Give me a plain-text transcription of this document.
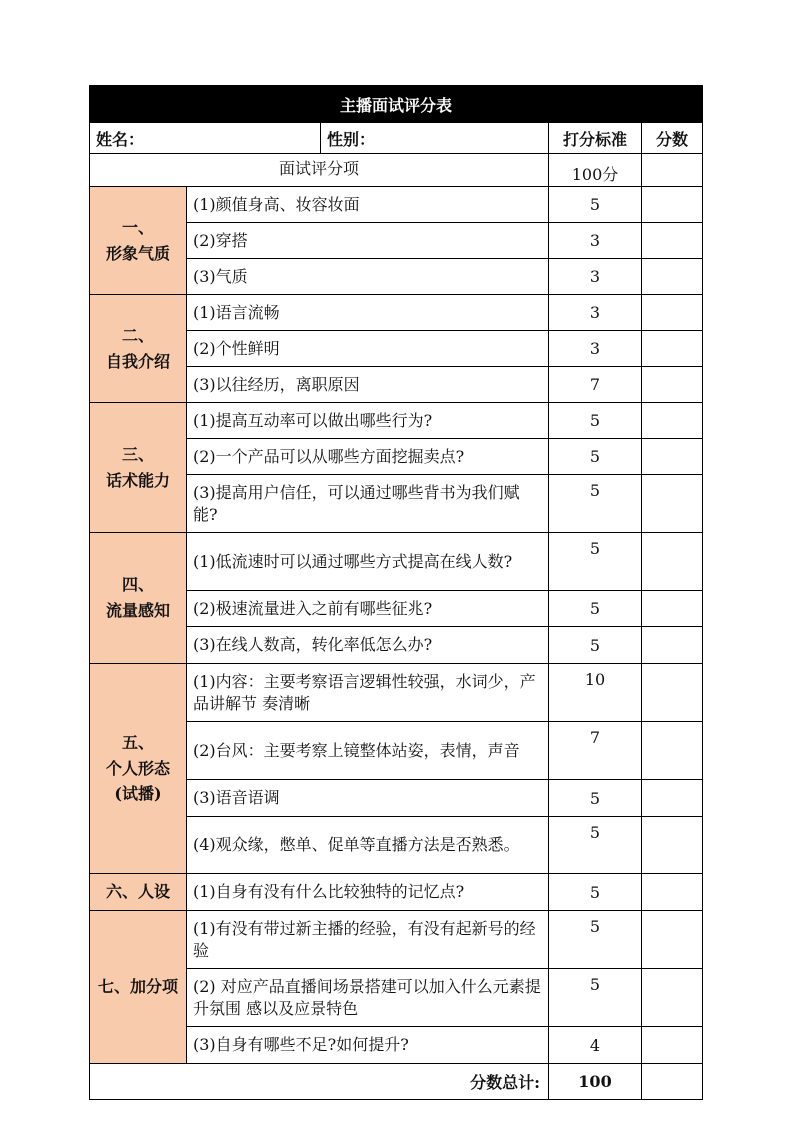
主播面试评分表				
姓名：		性别：	打分标准	分数
面试评分项			100分	
一、
形象气质	(1)颜值身高、妆容妆面		5	
	(2)穿搭		3	
	(3)气质		3	
二、
自我介绍	(1)语言流畅		3	
	(2)个性鲜明		3	
	(3)以往经历，离职原因		7	
三、
话术能力	(1)提高互动率可以做出哪些行为?		5	
	(2)一个产品可以从哪些方面挖掘卖点?		5	
	(3)提高用户信任，可以通过哪些背书为我们赋能?		5	
四、
流量感知	(1)低流速时可以通过哪些方式提高在线人数?		5	
	(2)极速流量进入之前有哪些征兆?		5	
	(3)在线人数高，转化率低怎么办?		5	
五、
个人形态
(试播)	(1)内容：主要考察语言逻辑性较强，水词少，产品讲解节 奏清晰		10	
	(2)台风：主要考察上镜整体站姿，表情，声音		7	
	(3)语音语调		5	
	(4)观众缘，憋单、促单等直播方法是否熟悉。		5	
六、人设	(1)自身有没有什么比较独特的记忆点?		5	
七、加分项	(1)有没有带过新主播的经验，有没有起新号的经验		5	
	(2) 对应产品直播间场景搭建可以加入什么元素提升氛围 感以及应景特色		5	
	(3)自身有哪些不足?如何提升?		4	
分数总计:			100	
